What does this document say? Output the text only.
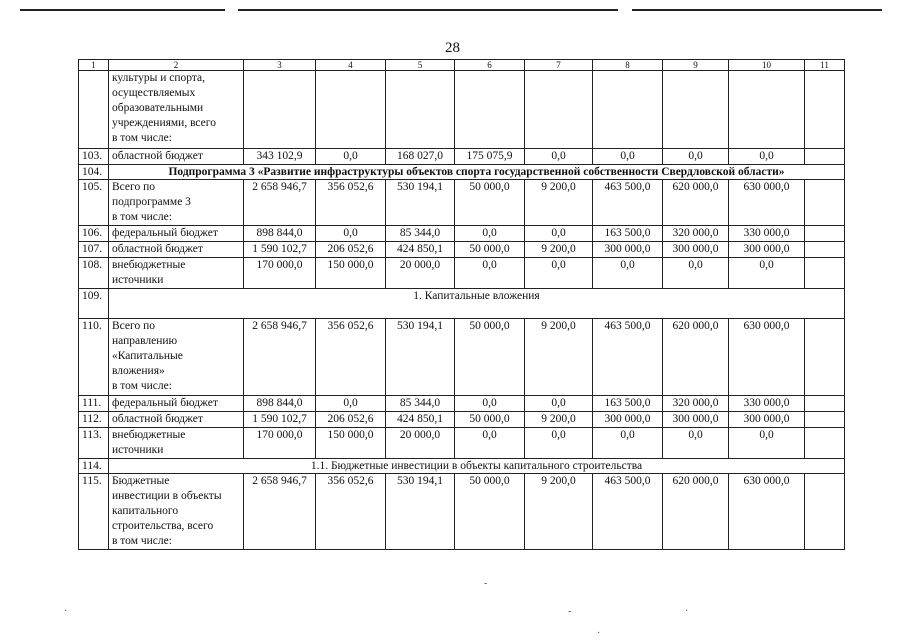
28
1	2	3	4	5	6	7	8	9	10	11
	культуры и спорта,
осуществляемых
образовательными
учреждениями, всего
в том числе:									
103.	областной бюджет	343 102,9	0,0	168 027,0	175 075,9	0,0	0,0	0,0	0,0	
104.	Подпрограмма 3 «Развитие инфраструктуры объектов спорта государственной собственности Свердловской области»									
105.	Всего по
подпрограмме 3
в том числе:	2 658 946,7	356 052,6	530 194,1	50 000,0	9 200,0	463 500,0	620 000,0	630 000,0	
106.	федеральный бюджет	898 844,0	0,0	85 344,0	0,0	0,0	163 500,0	320 000,0	330 000,0	
107.	областной бюджет	1 590 102,7	206 052,6	424 850,1	50 000,0	9 200,0	300 000,0	300 000,0	300 000,0	
108.	внебюджетные
источники	170 000,0	150 000,0	20 000,0	0,0	0,0	0,0	0,0	0,0	
109.	1. Капитальные вложения									
110.	Всего по
направлению
«Капитальные
вложения»
в том числе:	2 658 946,7	356 052,6	530 194,1	50 000,0	9 200,0	463 500,0	620 000,0	630 000,0	
111.	федеральный бюджет	898 844,0	0,0	85 344,0	0,0	0,0	163 500,0	320 000,0	330 000,0	
112.	областной бюджет	1 590 102,7	206 052,6	424 850,1	50 000,0	9 200,0	300 000,0	300 000,0	300 000,0	
113.	внебюджетные
источники	170 000,0	150 000,0	20 000,0	0,0	0,0	0,0	0,0	0,0	
114.	1.1. Бюджетные инвестиции в объекты капитального строительства									
115.	Бюджетные
инвестиции в объекты
капитального
строительства, всего
в том числе:	2 658 946,7	356 052,6	530 194,1	50 000,0	9 200,0	463 500,0	620 000,0	630 000,0	
-
-
·
·
·
